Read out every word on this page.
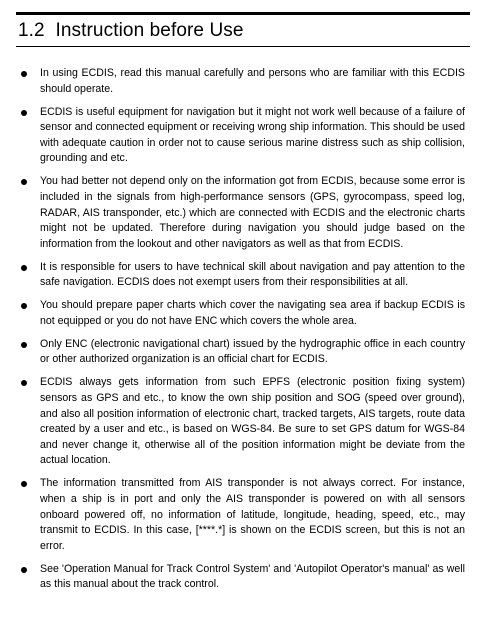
1.2 Instruction before Use
In using ECDIS, read this manual carefully and persons who are familiar with this ECDIS should operate.
ECDIS is useful equipment for navigation but it might not work well because of a failure of sensor and connected equipment or receiving wrong ship information. This should be used with adequate caution in order not to cause serious marine distress such as ship collision, grounding and etc.
You had better not depend only on the information got from ECDIS, because some error is included in the signals from high-performance sensors (GPS, gyrocompass, speed log, RADAR, AIS transponder, etc.) which are connected with ECDIS and the electronic charts might not be updated. Therefore during navigation you should judge based on the information from the lookout and other navigators as well as that from ECDIS.
It is responsible for users to have technical skill about navigation and pay attention to the safe navigation. ECDIS does not exempt users from their responsibilities at all.
You should prepare paper charts which cover the navigating sea area if backup ECDIS is not equipped or you do not have ENC which covers the whole area.
Only ENC (electronic navigational chart) issued by the hydrographic office in each country or other authorized organization is an official chart for ECDIS.
ECDIS always gets information from such EPFS (electronic position fixing system) sensors as GPS and etc., to know the own ship position and SOG (speed over ground), and also all position information of electronic chart, tracked targets, AIS targets, route data created by a user and etc., is based on WGS-84. Be sure to set GPS datum for WGS-84 and never change it, otherwise all of the position information might be deviate from the actual location.
The information transmitted from AIS transponder is not always correct. For instance, when a ship is in port and only the AIS transponder is powered on with all sensors onboard powered off, no information of latitude, longitude, heading, speed, etc., may transmit to ECDIS. In this case, [****.*] is shown on the ECDIS screen, but this is not an error.
See 'Operation Manual for Track Control System' and 'Autopilot Operator's manual' as well as this manual about the track control.
